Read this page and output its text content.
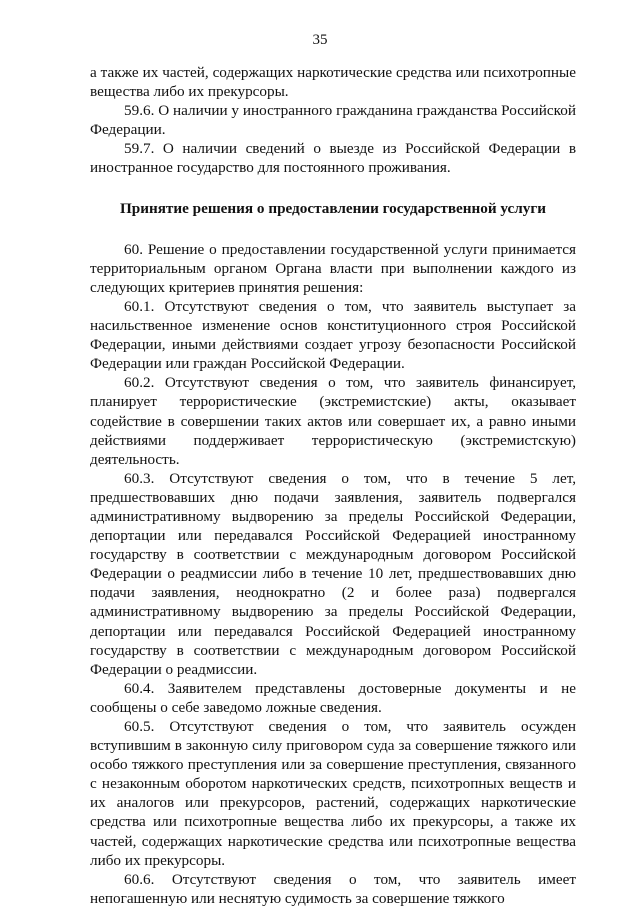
35

а также их частей, содержащих наркотические средства или психотропные вещества либо их прекурсоры.

59.6. О наличии у иностранного гражданина гражданства Российской Федерации.

59.7. О наличии сведений о выезде из Российской Федерации в иностранное государство для постоянного проживания.

Принятие решения о предоставлении государственной услуги

60. Решение о предоставлении государственной услуги принимается территориальным органом Органа власти при выполнении каждого из следующих критериев принятия решения:

60.1. Отсутствуют сведения о том, что заявитель выступает за насильственное изменение основ конституционного строя Российской Федерации, иными действиями создает угрозу безопасности Российской Федерации или граждан Российской Федерации.

60.2. Отсутствуют сведения о том, что заявитель финансирует, планирует террористические (экстремистские) акты, оказывает содействие в совершении таких актов или совершает их, а равно иными действиями поддерживает террористическую (экстремистскую) деятельность.

60.3. Отсутствуют сведения о том, что в течение 5 лет, предшествовавших дню подачи заявления, заявитель подвергался административному выдворению за пределы Российской Федерации, депортации или передавался Российской Федерацией иностранному государству в соответствии с международным договором Российской Федерации о реадмиссии либо в течение 10 лет, предшествовавших дню подачи заявления, неоднократно (2 и более раза) подвергался административному выдворению за пределы Российской Федерации, депортации или передавался Российской Федерацией иностранному государству в соответствии с международным договором Российской Федерации о реадмиссии.

60.4. Заявителем представлены достоверные документы и не сообщены о себе заведомо ложные сведения.

60.5. Отсутствуют сведения о том, что заявитель осужден вступившим в законную силу приговором суда за совершение тяжкого или особо тяжкого преступления или за совершение преступления, связанного с незаконным оборотом наркотических средств, психотропных веществ и их аналогов или прекурсоров, растений, содержащих наркотические средства или психотропные вещества либо их прекурсоры, а также их частей, содержащих наркотические средства или психотропные вещества либо их прекурсоры.

60.6. Отсутствуют сведения о том, что заявитель имеет непогашенную или неснятую судимость за совершение тяжкого
